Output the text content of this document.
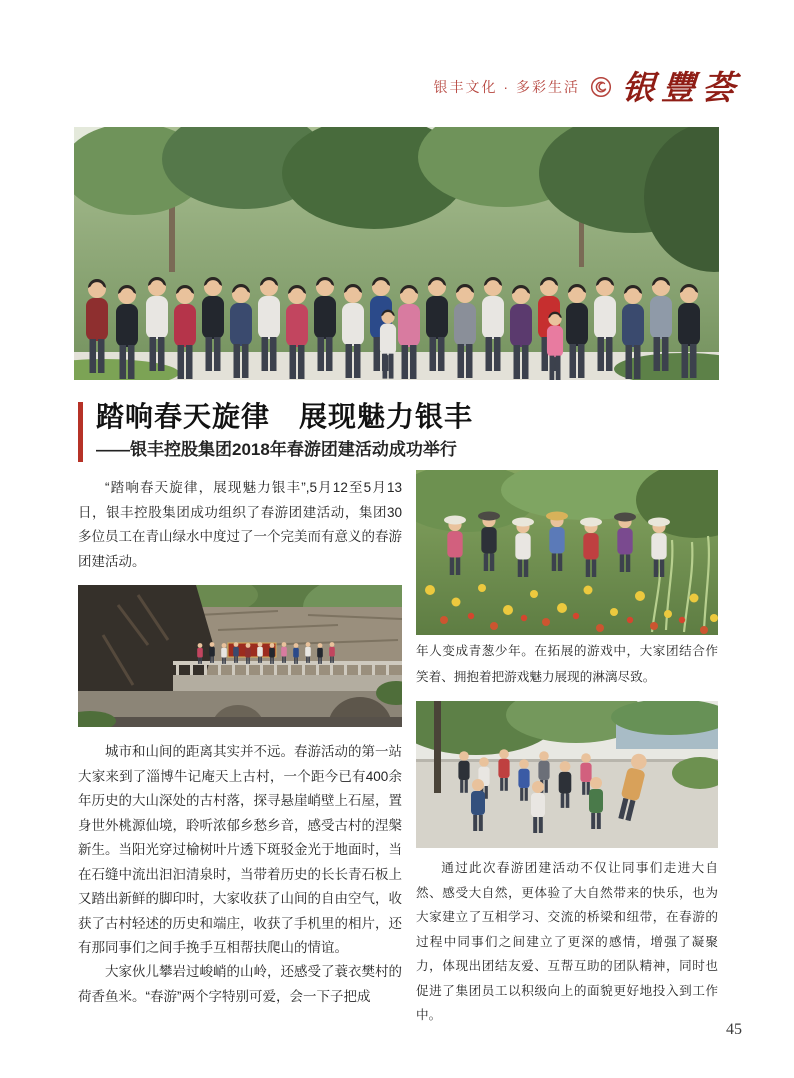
银丰文化 · 多彩生活 银豐荟
踏响春天旋律　展现魅力银丰
——银丰控股集团2018年春游团建活动成功举行

“踏响春天旋律，展现魅力银丰”,5月12至5月13日，银丰控股集团成功组织了春游团建活动，集团30多位员工在青山绿水中度过了一个完美而有意义的春游团建活动。

城市和山间的距离其实并不远。春游活动的第一站大家来到了淄博牛记庵天上古村，一个距今已有400余年历史的大山深处的古村落，探寻悬崖峭壁上石屋，置身世外桃源仙境，聆听浓郁乡愁乡音，感受古村的涅槃新生。当阳光穿过榆树叶片透下斑驳金光于地面时，当在石缝中流出汩汩清泉时，当带着历史的长长青石板上又踏出新鲜的脚印时，大家收获了山间的自由空气，收获了古村轻述的历史和端庄，收获了手机里的相片，还有那同事们之间手挽手互相帮扶爬山的情谊。

大家伙儿攀岩过峻峭的山岭，还感受了蓑衣樊村的荷香鱼米。“春游”两个字特别可爱，会一下子把成

年人变成青葱少年。在拓展的游戏中，大家团结合作笑着、拥抱着把游戏魅力展现的淋漓尽致。

通过此次春游团建活动不仅让同事们走进大自然、感受大自然，更体验了大自然带来的快乐，也为大家建立了互相学习、交流的桥梁和纽带，在春游的过程中同事们之间建立了更深的感情，增强了凝聚力，体现出团结友爱、互帮互助的团队精神，同时也促进了集团员工以积级向上的面貌更好地投入到工作中。

45
